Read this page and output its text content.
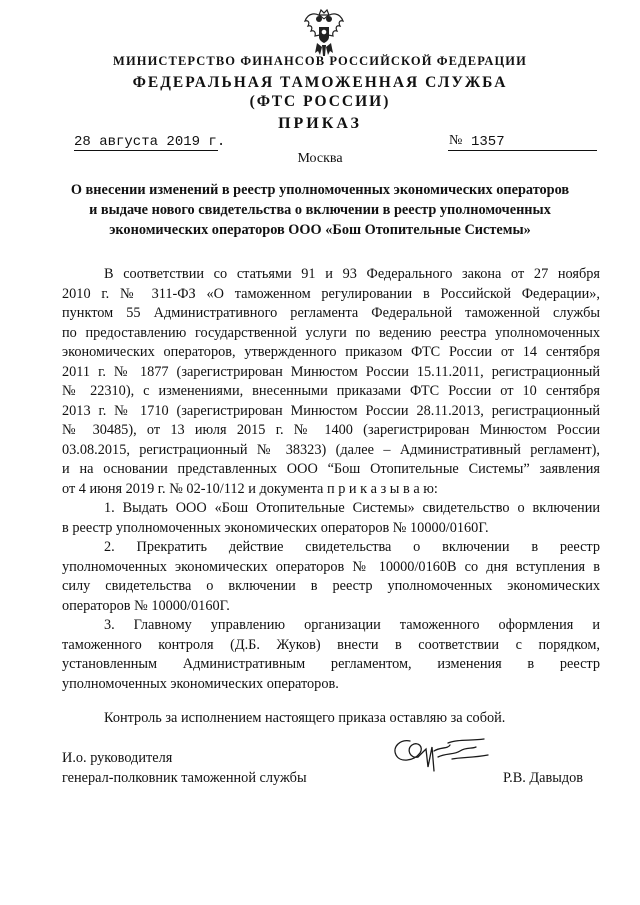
МИНИСТЕРСТВО ФИНАНСОВ РОССИЙСКОЙ ФЕДЕРАЦИИ
ФЕДЕРАЛЬНАЯ ТАМОЖЕННАЯ СЛУЖБА
(ФТС РОССИИ)
ПРИКАЗ
28 августа 2019 г.	№ 1357
Москва
О внесении изменений в реестр уполномоченных экономических операторов
и выдаче нового свидетельства о включении в реестр уполномоченных
экономических операторов ООО «Бош Отопительные Системы»
В соответствии со статьями 91 и 93 Федерального закона от 27 ноября
2010 г. № 311-ФЗ «О таможенном регулировании в Российской Федерации»,
пунктом 55 Административного регламента Федеральной таможенной службы
по предоставлению государственной услуги по ведению реестра уполномоченных
экономических операторов, утвержденного приказом ФТС России от 14 сентября
2011 г. № 1877 (зарегистрирован Минюстом России 15.11.2011, регистрационный
№ 22310), с изменениями, внесенными приказами ФТС России от 10 сентября
2013 г. № 1710 (зарегистрирован Минюстом России 28.11.2013, регистрационный
№ 30485), от 13 июля 2015 г. № 1400 (зарегистрирован Минюстом России
03.08.2015, регистрационный № 38323) (далее – Административный регламент),
и на основании представленных ООО “Бош Отопительные Системы” заявления
от 4 июня 2019 г. № 02-10/112 и документа п р и к а з ы в а ю:
1. Выдать ООО «Бош Отопительные Системы» свидетельство о включении
в реестр уполномоченных экономических операторов № 10000/0160Г.
2. Прекратить действие свидетельства о включении в реестр
уполномоченных экономических операторов № 10000/0160В со дня вступления в
силу свидетельства о включении в реестр уполномоченных экономических
операторов № 10000/0160Г.
3. Главному управлению организации таможенного оформления и
таможенного контроля (Д.Б. Жуков) внести в соответствии с порядком,
установленным Административным регламентом, изменения в реестр
уполномоченных экономических операторов.
Контроль за исполнением настоящего приказа оставляю за собой.
И.о. руководителя
генерал-полковник таможенной службы	Р.В. Давыдов
